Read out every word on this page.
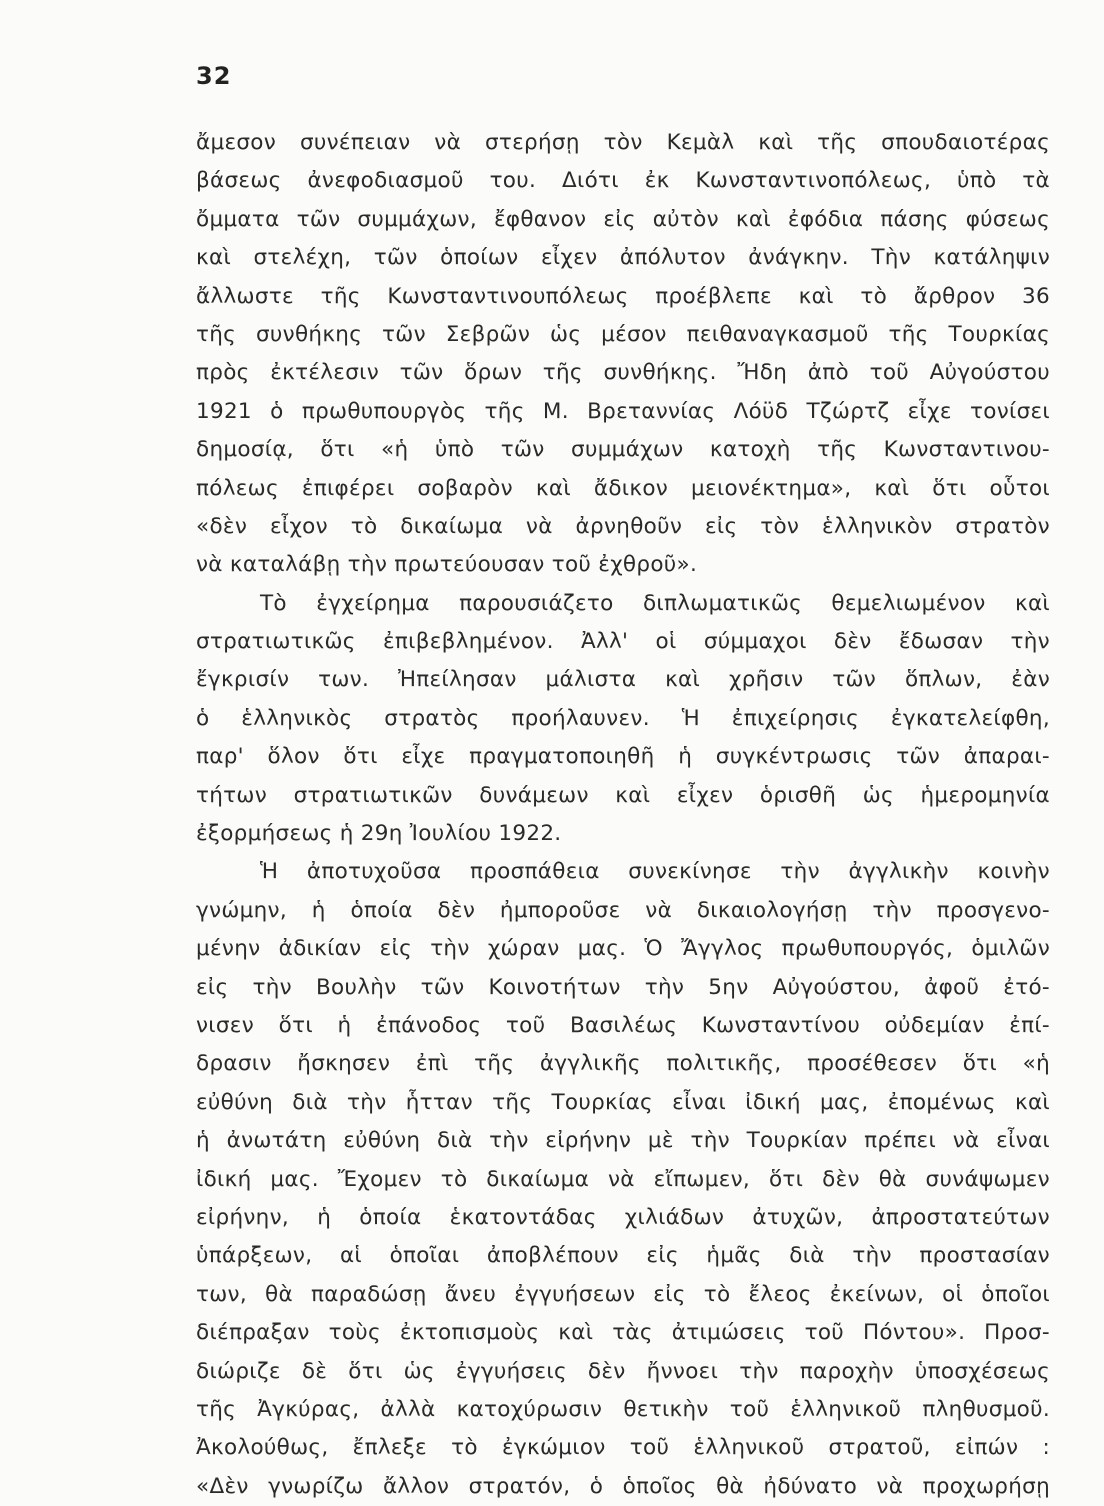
32
ἄμεσον συνέπειαν νὰ στερήσῃ τὸν Κεμὰλ καὶ τῆς σπουδαιοτέρας
βάσεως ἀνεφοδιασμοῦ του. Διότι ἐκ Κωνσταντινοπόλεως, ὑπὸ τὰ
ὄμματα τῶν συμμάχων, ἔφθανον εἰς αὐτὸν καὶ ἐφόδια πάσης φύσεως
καὶ στελέχη, τῶν ὁποίων εἶχεν ἀπόλυτον ἀνάγκην. Τὴν κατάληψιν
ἄλλωστε τῆς Κωνσταντινουπόλεως προέβλεπε καὶ τὸ ἄρθρον 36
τῆς συνθήκης τῶν Σεβρῶν ὡς μέσον πειθαναγκασμοῦ τῆς Τουρκίας
πρὸς ἐκτέλεσιν τῶν ὅρων τῆς συνθήκης. Ἤδη ἀπὸ τοῦ Αὐγούστου
1921 ὁ πρωθυπουργὸς τῆς Μ. Βρεταννίας Λόϋδ Τζώρτζ εἶχε τονίσει
δημοσίᾳ, ὅτι «ἡ ὑπὸ τῶν συμμάχων κατοχὴ τῆς Κωνσταντινου-
πόλεως ἐπιφέρει σοβαρὸν καὶ ἄδικον μειονέκτημα», καὶ ὅτι οὗτοι
«δὲν εἶχον τὸ δικαίωμα νὰ ἀρνηθοῦν εἰς τὸν ἑλληνικὸν στρατὸν
νὰ καταλάβῃ τὴν πρωτεύουσαν τοῦ ἐχθροῦ».
Τὸ ἐγχείρημα παρουσιάζετο διπλωματικῶς θεμελιωμένον καὶ
στρατιωτικῶς ἐπιβεβλημένον. Ἀλλ' οἱ σύμμαχοι δὲν ἔδωσαν τὴν
ἔγκρισίν των. Ἠπείλησαν μάλιστα καὶ χρῆσιν τῶν ὅπλων, ἐὰν
ὁ ἑλληνικὸς στρατὸς προήλαυνεν. Ἡ ἐπιχείρησις ἐγκατελείφθη,
παρ' ὅλον ὅτι εἶχε πραγματοποιηθῆ ἡ συγκέντρωσις τῶν ἀπαραι-
τήτων στρατιωτικῶν δυνάμεων καὶ εἶχεν ὁρισθῆ ὡς ἡμερομηνία
ἐξορμήσεως ἡ 29η Ἰουλίου 1922.
Ἡ ἀποτυχοῦσα προσπάθεια συνεκίνησε τὴν ἀγγλικὴν κοινὴν
γνώμην, ἡ ὁποία δὲν ἠμποροῦσε νὰ δικαιολογήσῃ τὴν προσγενο-
μένην ἀδικίαν εἰς τὴν χώραν μας. Ὁ Ἄγγλος πρωθυπουργός, ὁμιλῶν
εἰς τὴν Βουλὴν τῶν Κοινοτήτων τὴν 5ην Αὐγούστου, ἀφοῦ ἐτό-
νισεν ὅτι ἡ ἐπάνοδος τοῦ Βασιλέως Κωνσταντίνου οὐδεμίαν ἐπί-
δρασιν ἤσκησεν ἐπὶ τῆς ἀγγλικῆς πολιτικῆς, προσέθεσεν ὅτι «ἡ
εὐθύνη διὰ τὴν ἧτταν τῆς Τουρκίας εἶναι ἰδική μας, ἐπομένως καὶ
ἡ ἀνωτάτη εὐθύνη διὰ τὴν εἰρήνην μὲ τὴν Τουρκίαν πρέπει νὰ εἶναι
ἰδική μας. Ἔχομεν τὸ δικαίωμα νὰ εἴπωμεν, ὅτι δὲν θὰ συνάψωμεν
εἰρήνην, ἡ ὁποία ἑκατοντάδας χιλιάδων ἀτυχῶν, ἀπροστατεύτων
ὑπάρξεων, αἱ ὁποῖαι ἀποβλέπουν εἰς ἡμᾶς διὰ τὴν προστασίαν
των, θὰ παραδώσῃ ἄνευ ἐγγυήσεων εἰς τὸ ἔλεος ἐκείνων, οἱ ὁποῖοι
διέπραξαν τοὺς ἐκτοπισμοὺς καὶ τὰς ἀτιμώσεις τοῦ Πόντου». Προσ-
διώριζε δὲ ὅτι ὡς ἐγγυήσεις δὲν ἤννοει τὴν παροχὴν ὑποσχέσεως
τῆς Ἀγκύρας, ἀλλὰ κατοχύρωσιν θετικὴν τοῦ ἑλληνικοῦ πληθυσμοῦ.
Ἀκολούθως, ἔπλεξε τὸ ἐγκώμιον τοῦ ἑλληνικοῦ στρατοῦ, εἰπών :
«Δὲν γνωρίζω ἄλλον στρατόν, ὁ ὁποῖος θὰ ἠδύνατο νὰ προχωρήσῃ
